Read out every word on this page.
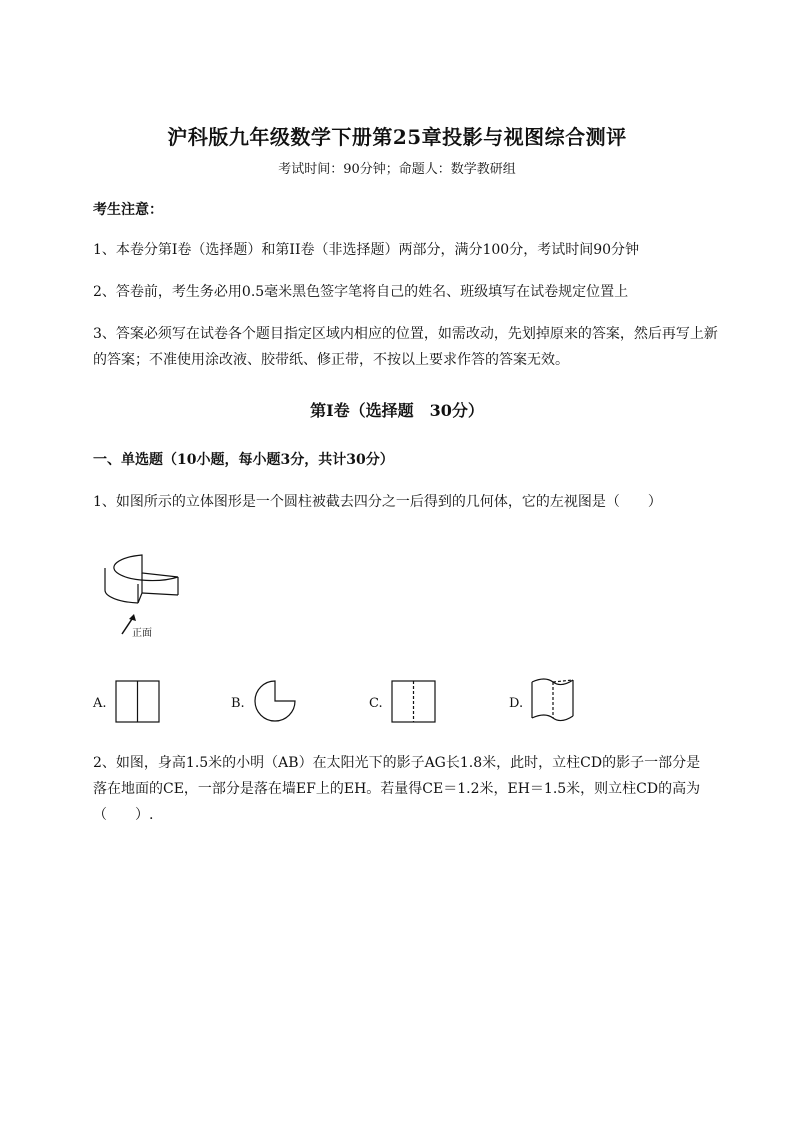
沪科版九年级数学下册第25章投影与视图综合测评
考试时间：90分钟；命题人：数学教研组
考生注意：
1、本卷分第I卷（选择题）和第II卷（非选择题）两部分，满分100分，考试时间90分钟
2、答卷前，考生务必用0.5毫米黑色签字笔将自己的姓名、班级填写在试卷规定位置上
3、答案必须写在试卷各个题目指定区域内相应的位置，如需改动，先划掉原来的答案，然后再写上新
的答案；不准使用涂改液、胶带纸、修正带，不按以上要求作答的答案无效。
第I卷（选择题　30分）
一、单选题（10小题，每小题3分，共计30分）
1、如图所示的立体图形是一个圆柱被截去四分之一后得到的几何体，它的左视图是（　　）
正面
A.	B.	C.	D.
2、如图，身高1.5米的小明（AB）在太阳光下的影子AG长1.8米，此时，立柱CD的影子一部分是
落在地面的CE，一部分是落在墙EF上的EH。若量得CE＝1.2米，EH＝1.5米，则立柱CD的高为
（　　）.
